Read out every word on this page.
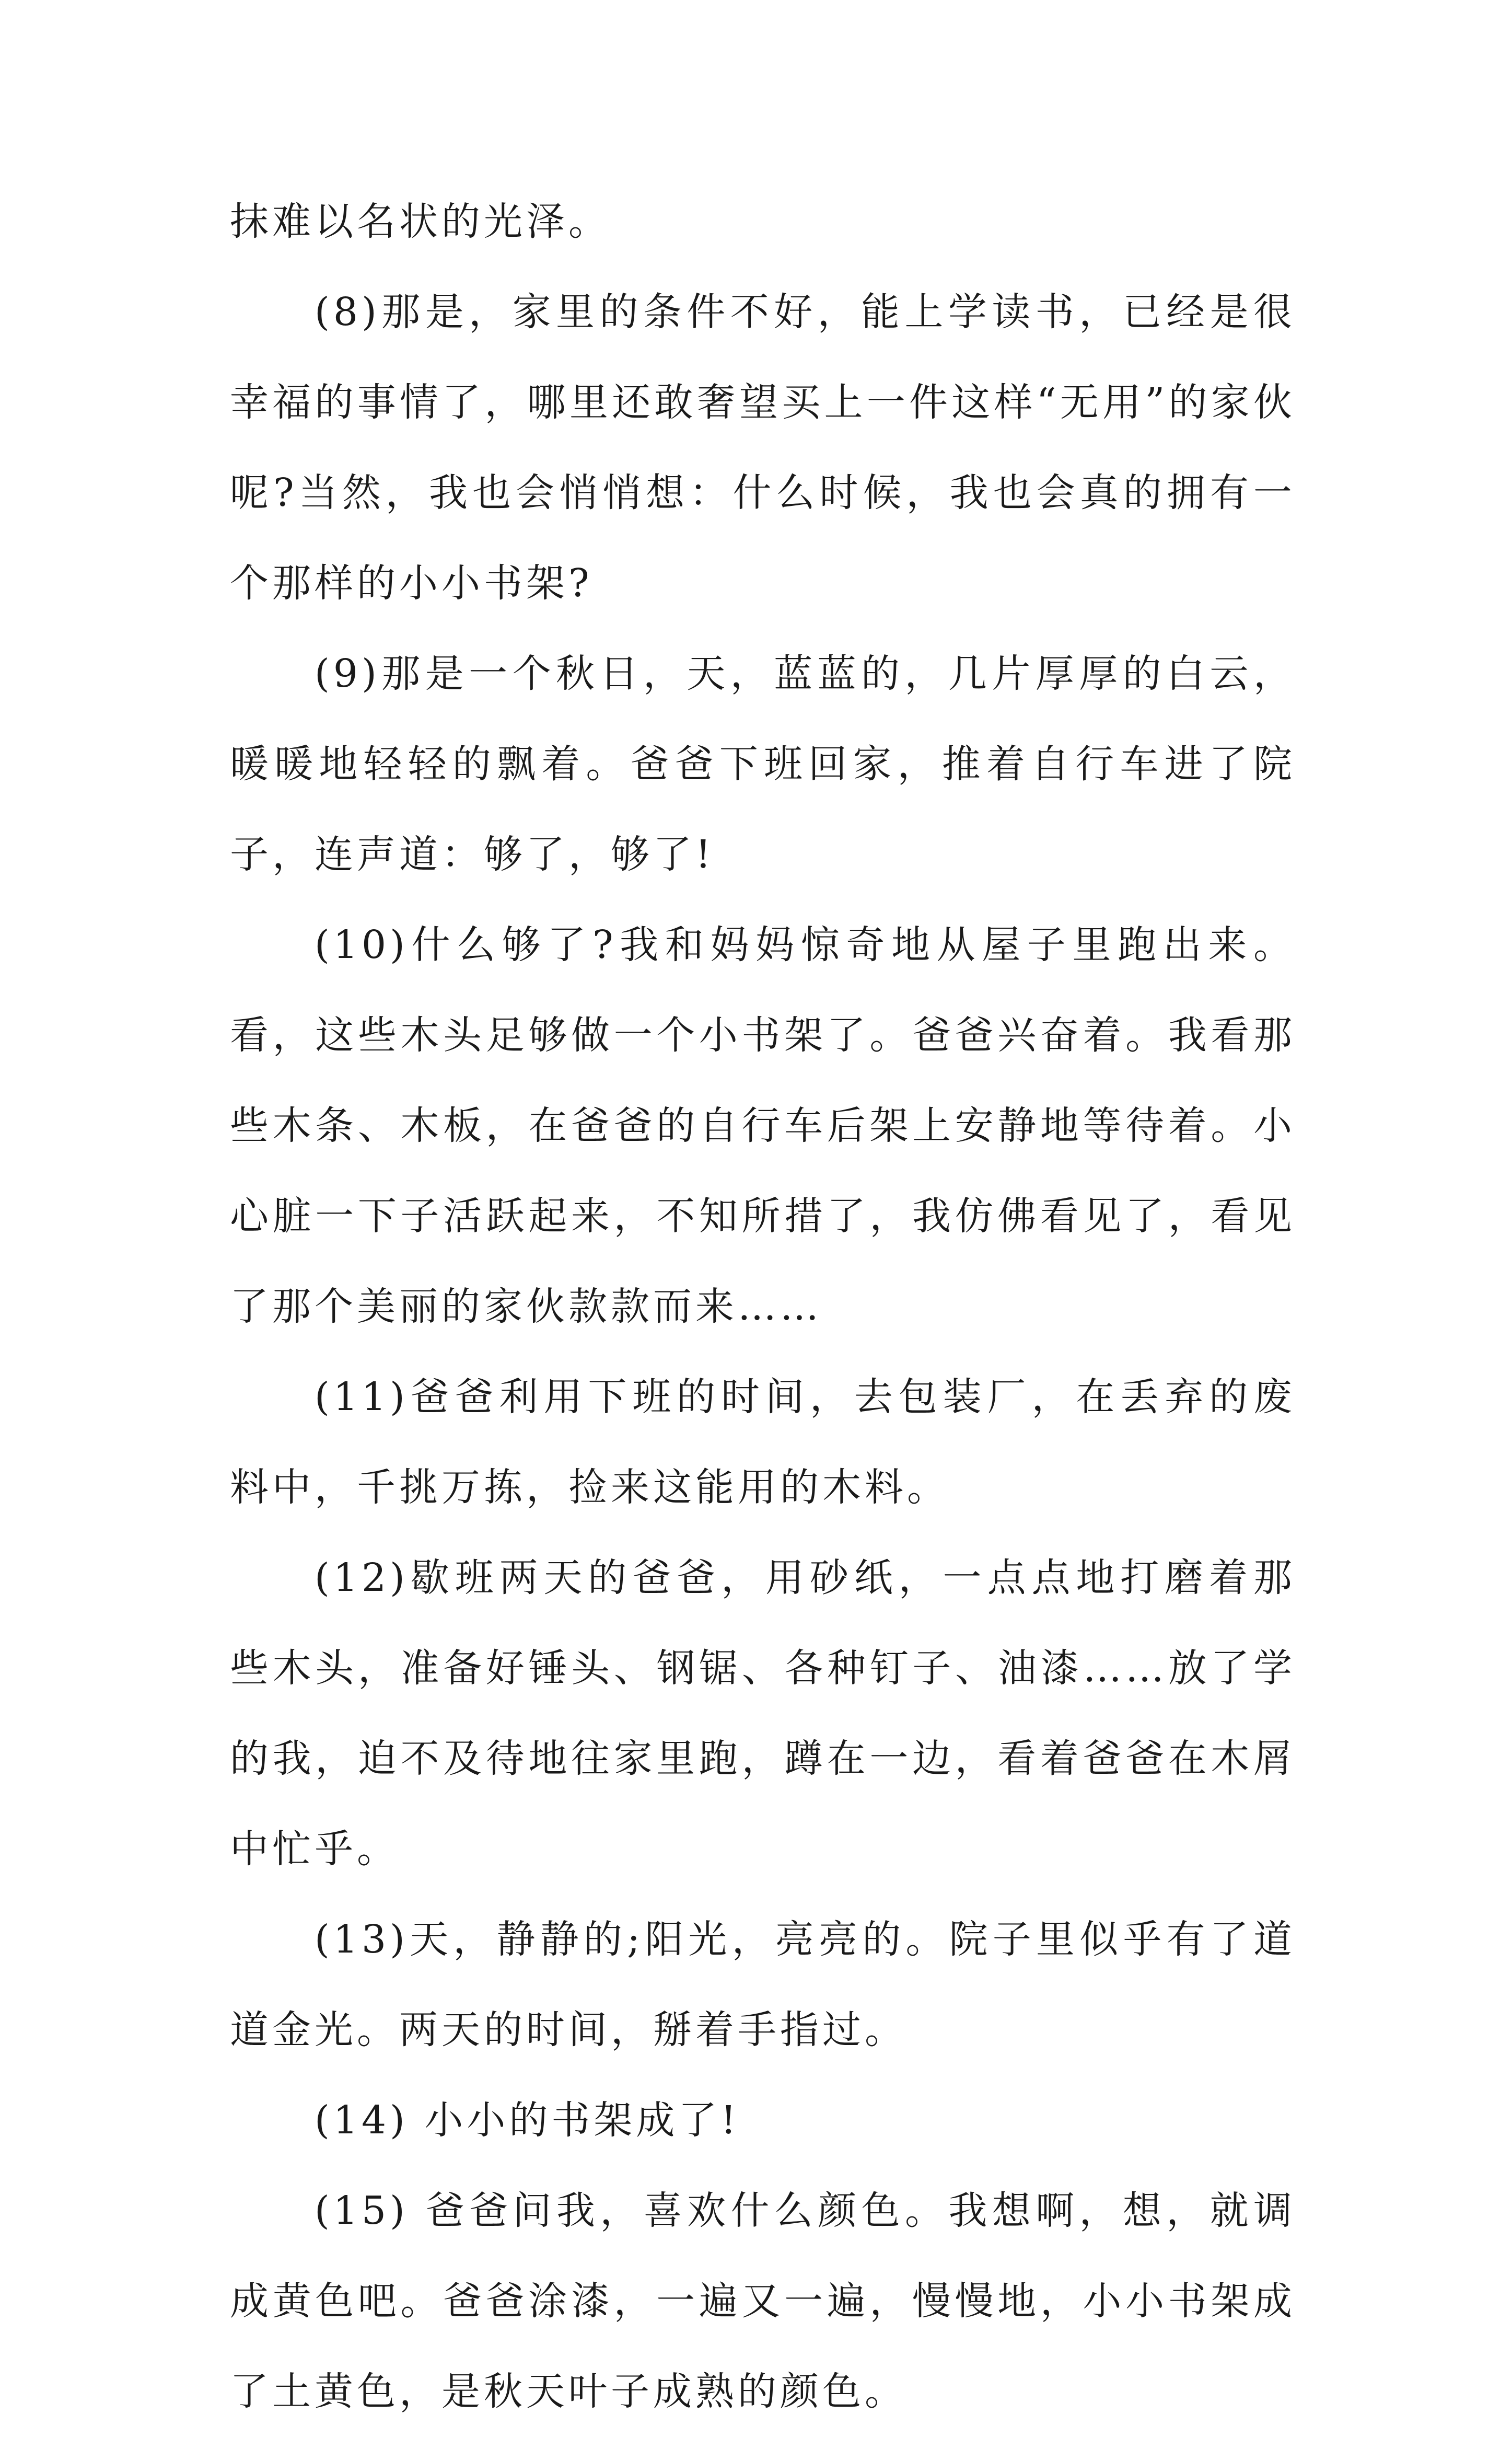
抹难以名状的光泽。

(8)那是，家里的条件不好，能上学读书，已经是很幸福的事情了，哪里还敢奢望买上一件这样“无用”的家伙呢?当然，我也会悄悄想：什么时候，我也会真的拥有一个那样的小小书架?

(9)那是一个秋日，天，蓝蓝的，几片厚厚的白云，暖暖地轻轻的飘着。爸爸下班回家，推着自行车进了院子，连声道：够了，够了!

(10)什么够了?我和妈妈惊奇地从屋子里跑出来。看，这些木头足够做一个小书架了。爸爸兴奋着。我看那些木条、木板，在爸爸的自行车后架上安静地等待着。小心脏一下子活跃起来，不知所措了，我仿佛看见了，看见了那个美丽的家伙款款而来……

(11)爸爸利用下班的时间，去包装厂，在丢弃的废料中，千挑万拣，捡来这能用的木料。

(12)歇班两天的爸爸，用砂纸，一点点地打磨着那些木头，准备好锤头、钢锯、各种钉子、油漆……放了学的我，迫不及待地往家里跑，蹲在一边，看着爸爸在木屑中忙乎。

(13)天，静静的;阳光，亮亮的。院子里似乎有了道道金光。两天的时间，掰着手指过。

(14) 小小的书架成了!

(15) 爸爸问我，喜欢什么颜色。我想啊，想，就调成黄色吧。爸爸涂漆，一遍又一遍，慢慢地，小小书架成了土黄色，是秋天叶子成熟的颜色。
